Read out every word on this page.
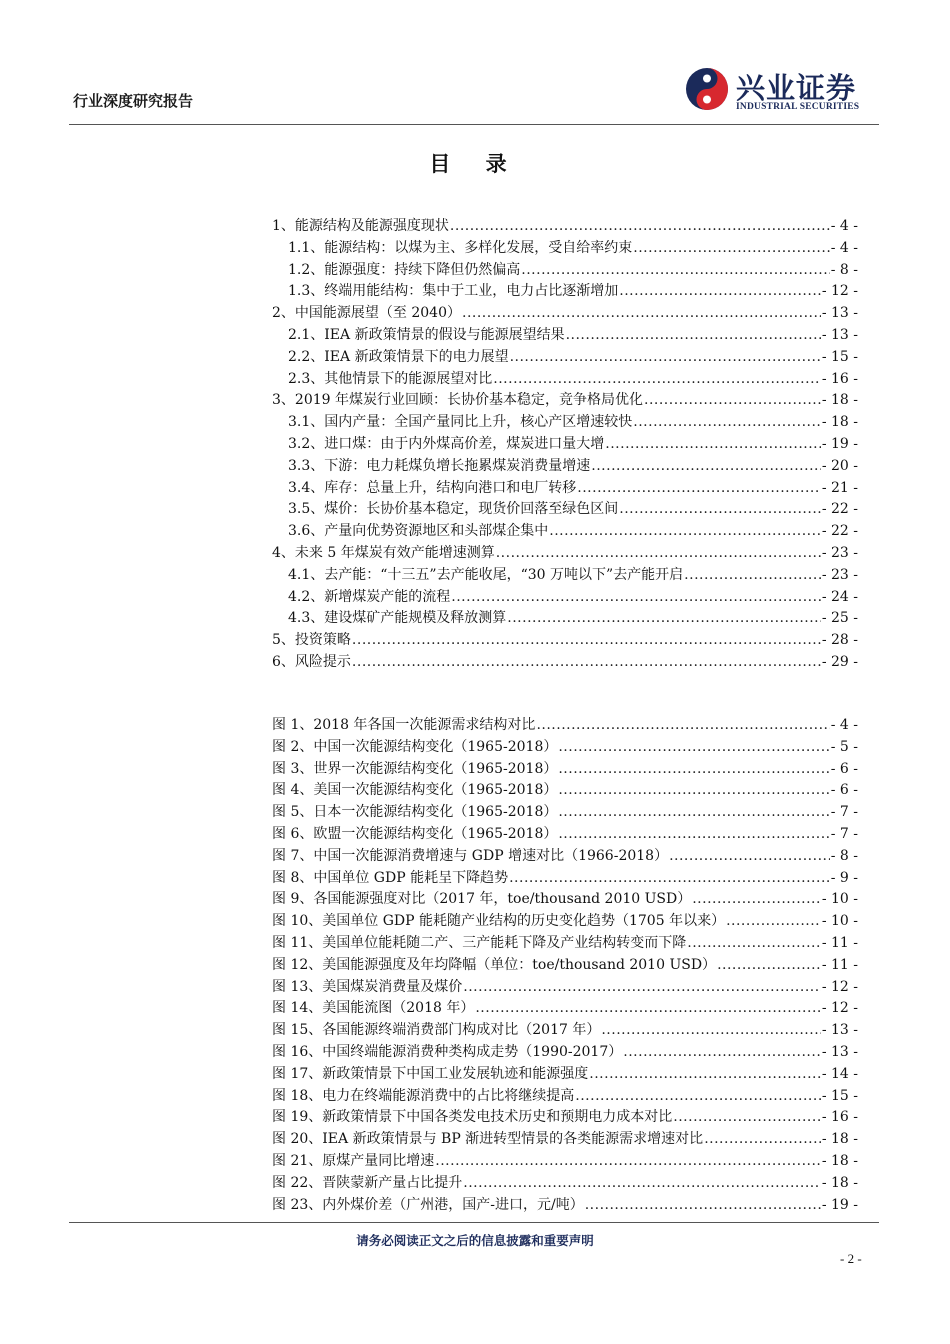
行业深度研究报告	兴业证券
INDUSTRIAL SECURITIES
目 录
1、能源结构及能源强度现状 .....	- 4 -
1.1、能源结构：以煤为主、多样化发展，受自给率约束 .....	- 4 -
1.2、能源强度：持续下降但仍然偏高 .....	- 8 -
1.3、终端用能结构：集中于工业，电力占比逐渐增加 .....	- 12 -
2、中国能源展望（至 2040） .....	- 13 -
2.1、IEA 新政策情景的假设与能源展望结果 .....	- 13 -
2.2、IEA 新政策情景下的电力展望 .....	- 15 -
2.3、其他情景下的能源展望对比 .....	- 16 -
3、2019 年煤炭行业回顾：长协价基本稳定，竞争格局优化 .....	- 18 -
3.1、国内产量：全国产量同比上升，核心产区增速较快 .....	- 18 -
3.2、进口煤：由于内外煤高价差，煤炭进口量大增 .....	- 19 -
3.3、下游：电力耗煤负增长拖累煤炭消费量增速 .....	- 20 -
3.4、库存：总量上升，结构向港口和电厂转移 .....	- 21 -
3.5、煤价：长协价基本稳定，现货价回落至绿色区间 .....	- 22 -
3.6、产量向优势资源地区和头部煤企集中 .....	- 22 -
4、未来 5 年煤炭有效产能增速测算 .....	- 23 -
4.1、去产能：“十三五”去产能收尾，“30 万吨以下”去产能开启 .....	- 23 -
4.2、新增煤炭产能的流程 .....	- 24 -
4.3、建设煤矿产能规模及释放测算 .....	- 25 -
5、投资策略 .....	- 28 -
6、风险提示 .....	- 29 -
图 1、2018 年各国一次能源需求结构对比 .....	- 4 -
图 2、中国一次能源结构变化（1965-2018） .....	- 5 -
图 3、世界一次能源结构变化（1965-2018） .....	- 6 -
图 4、美国一次能源结构变化（1965-2018） .....	- 6 -
图 5、日本一次能源结构变化（1965-2018） .....	- 7 -
图 6、欧盟一次能源结构变化（1965-2018） .....	- 7 -
图 7、中国一次能源消费增速与 GDP 增速对比（1966-2018） .....	- 8 -
图 8、中国单位 GDP 能耗呈下降趋势 .....	- 9 -
图 9、各国能源强度对比（2017 年，toe/thousand 2010 USD） .....	- 10 -
图 10、美国单位 GDP 能耗随产业结构的历史变化趋势（1705 年以来） .....	- 10 -
图 11、美国单位能耗随二产、三产能耗下降及产业结构转变而下降 .....	- 11 -
图 12、美国能源强度及年均降幅（单位：toe/thousand 2010 USD） .....	- 11 -
图 13、美国煤炭消费量及煤价 .....	- 12 -
图 14、美国能流图（2018 年） .....	- 12 -
图 15、各国能源终端消费部门构成对比（2017 年） .....	- 13 -
图 16、中国终端能源消费种类构成走势（1990-2017） .....	- 13 -
图 17、新政策情景下中国工业发展轨迹和能源强度 .....	- 14 -
图 18、电力在终端能源消费中的占比将继续提高 .....	- 15 -
图 19、新政策情景下中国各类发电技术历史和预期电力成本对比 .....	- 16 -
图 20、IEA 新政策情景与 BP 渐进转型情景的各类能源需求增速对比 .....	- 18 -
图 21、原煤产量同比增速 .....	- 18 -
图 22、晋陕蒙新产量占比提升 .....	- 18 -
图 23、内外煤价差（广州港，国产-进口，元/吨） .....	- 19 -
请务必阅读正文之后的信息披露和重要声明
- 2 -
